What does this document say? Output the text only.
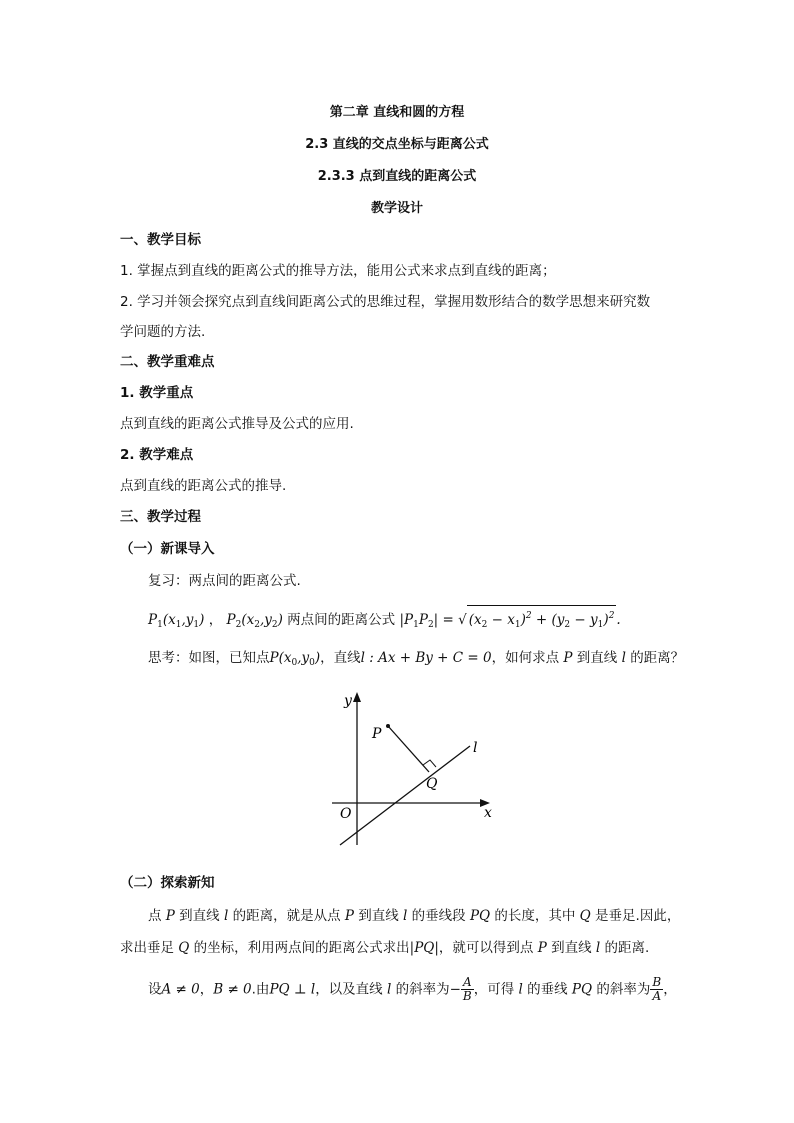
第二章 直线和圆的方程
2.3 直线的交点坐标与距离公式
2.3.3 点到直线的距离公式
教学设计
一、教学目标
1. 掌握点到直线的距离公式的推导方法，能用公式来求点到直线的距离；
2. 学习并领会探究点到直线间距离公式的思维过程，掌握用数形结合的数学思想来研究数
学问题的方法.
二、教学重难点
1. 教学重点
点到直线的距离公式推导及公式的应用.
2. 教学难点
点到直线的距离公式的推导.
三、教学过程
（一）新课导入
复习：两点间的距离公式.
$P_1(x_1,y_1)$ ， $P_2(x_2,y_2)$ 两点间的距离公式 $|P_1P_2|$ = √ $(x_2 - x_1)^2 + (y_2 - y_1)^2$ .
思考：如图，已知点$P(x_0,y_0)$，直线l : Ax + By + C = 0，如何求点 P 到直线 l 的距离？
y
x
O
P
Q
l
（二）探索新知
点 P 到直线 l 的距离，就是从点 P 到直线 l 的垂线段 PQ 的长度，其中 Q 是垂足.因此，
求出垂足 Q 的坐标，利用两点间的距离公式求出|PQ|，就可以得到点 P 到直线 l 的距离.
设A ≠ 0，B ≠ 0.由PQ ⊥ l，以及直线 l 的斜率为− $\frac{A}{B}$ ，可得 l 的垂线 PQ 的斜率为 $\frac{B}{A}$ ，
